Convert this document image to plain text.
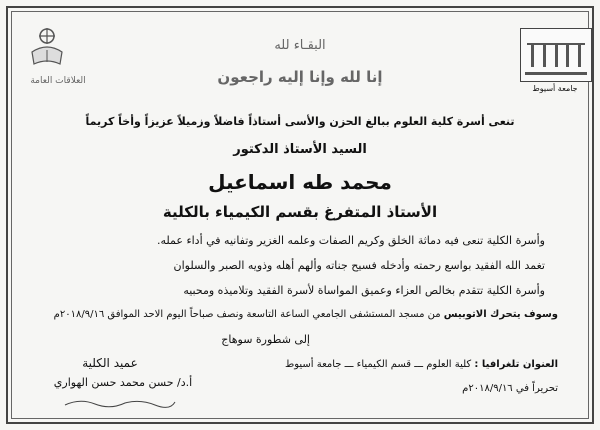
جامعة أسيوط
العلاقات العامة
البقـاء لله
إنا لله وإنا إليه راجعون
تنعى أسرة كلية العلوم ببالغ الحزن والأسى أستاذاً فاضلاً وزميلاً عزيزاً وأخاً كريماً
السيد الأستاذ الدكتور
محمد طه اسماعيل
الأستاذ المتفرغ بقسم الكيمياء بالكلية
وأسرة الكلية تنعى فيه دماثة الخلق وكريم الصفات وعلمه الغزير وتفانيه في أداء عمله.
تغمد الله الفقيد بواسع رحمته وأدخله فسيح جناته وألهم أهله وذويه الصبر والسلوان
وأسرة الكلية تتقدم بخالص العزاء وعميق المواساة لأسرة الفقيد وتلاميذه ومحبيه
وسوف يتحرك الاتوبيس من مسجد المستشفى الجامعي الساعة التاسعة ونصف صباحاً اليوم الاحد الموافق ٢٠١٨/٩/١٦م
إلى شطورة سوهاج
عميد الكلية
أ.د/ حسن محمد حسن الهواري
العنوان تلغرافيا : كلية العلوم ـــ قسم الكيمياء ـــ جامعة أسيوط
تحريراً في ٢٠١٨/٩/١٦م
